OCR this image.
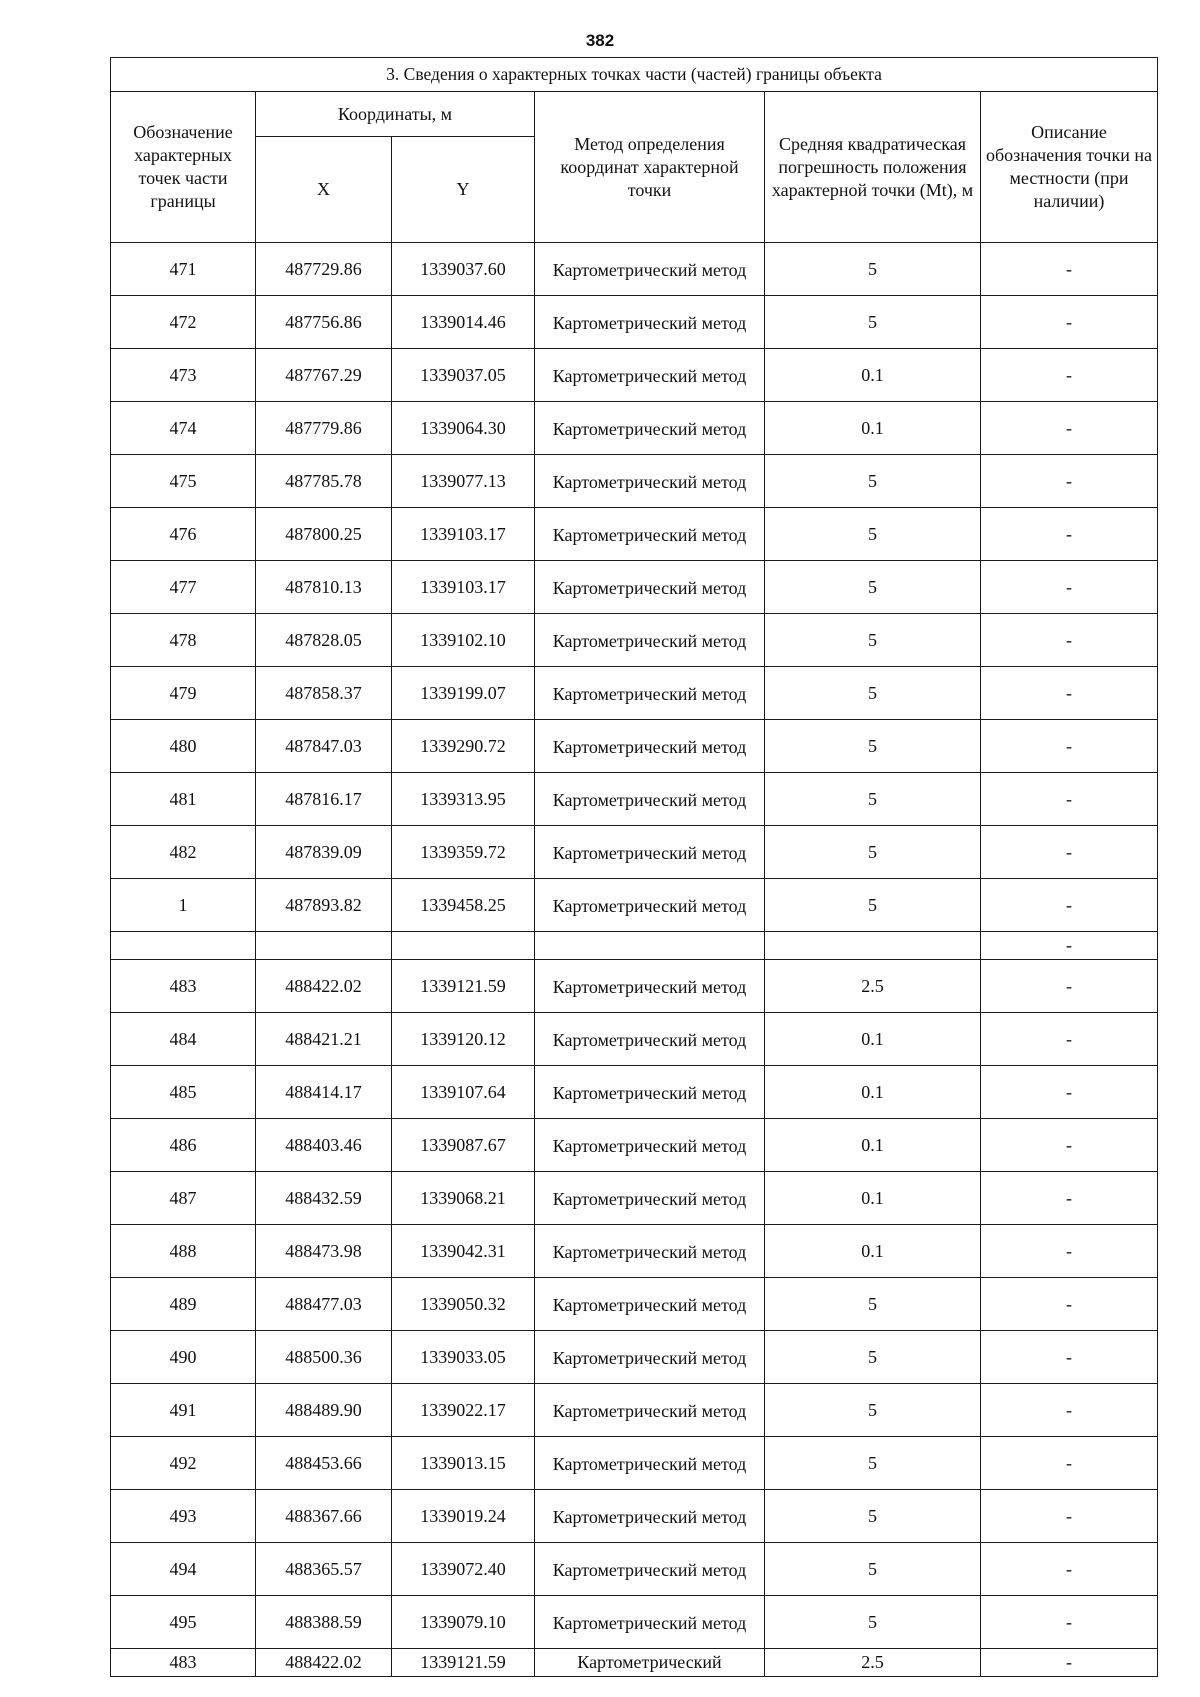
382
3. Сведения о характерных точках части (частей) границы объекта					
Обозначение характерных точек части границы	Координаты, м		Метод определения координат характерной точки	Средняя квадратическая погрешность положения характерной точки (Mt), м	Описание обозначения точки на местности (при наличии)
	X	Y			
471	487729.86	1339037.60	Картометрический метод	5	-
472	487756.86	1339014.46	Картометрический метод	5	-
473	487767.29	1339037.05	Картометрический метод	0.1	-
474	487779.86	1339064.30	Картометрический метод	0.1	-
475	487785.78	1339077.13	Картометрический метод	5	-
476	487800.25	1339103.17	Картометрический метод	5	-
477	487810.13	1339103.17	Картометрический метод	5	-
478	487828.05	1339102.10	Картометрический метод	5	-
479	487858.37	1339199.07	Картометрический метод	5	-
480	487847.03	1339290.72	Картометрический метод	5	-
481	487816.17	1339313.95	Картометрический метод	5	-
482	487839.09	1339359.72	Картометрический метод	5	-
1	487893.82	1339458.25	Картометрический метод	5	-
					-
483	488422.02	1339121.59	Картометрический метод	2.5	-
484	488421.21	1339120.12	Картометрический метод	0.1	-
485	488414.17	1339107.64	Картометрический метод	0.1	-
486	488403.46	1339087.67	Картометрический метод	0.1	-
487	488432.59	1339068.21	Картометрический метод	0.1	-
488	488473.98	1339042.31	Картометрический метод	0.1	-
489	488477.03	1339050.32	Картометрический метод	5	-
490	488500.36	1339033.05	Картометрический метод	5	-
491	488489.90	1339022.17	Картометрический метод	5	-
492	488453.66	1339013.15	Картометрический метод	5	-
493	488367.66	1339019.24	Картометрический метод	5	-
494	488365.57	1339072.40	Картометрический метод	5	-
495	488388.59	1339079.10	Картометрический метод	5	-
483	488422.02	1339121.59	Картометрический	2.5	-
